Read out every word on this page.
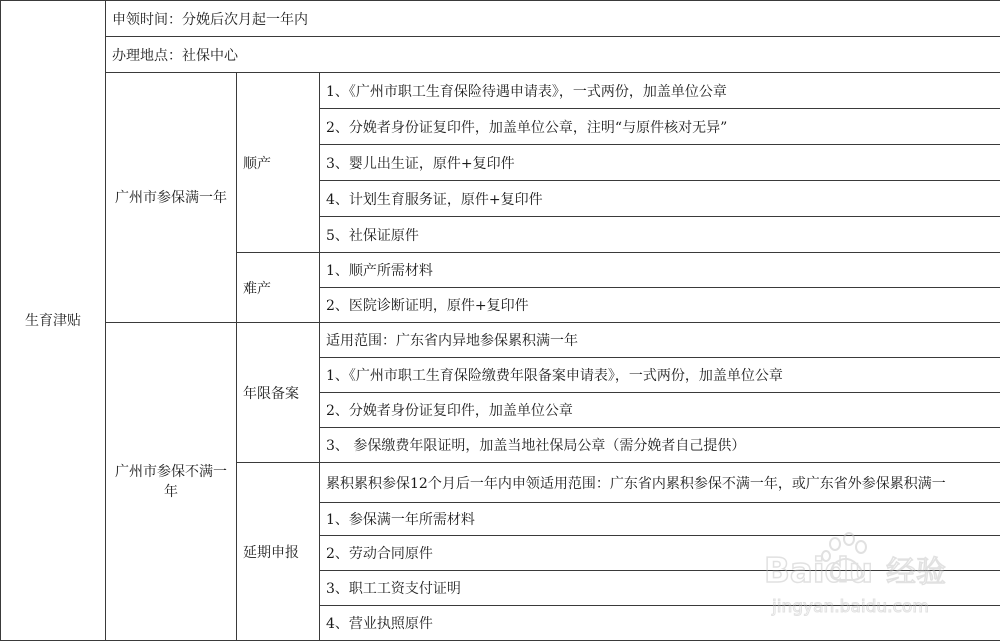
生育津贴	申领时间：分娩后次月起一年内		
	办理地点：社保中心		
	广州市参保满一年	顺产	1、《广州市职工生育保险待遇申请表》，一式两份，加盖单位公章
			2、分娩者身份证复印件，加盖单位公章，注明“与原件核对无异”
			3、婴儿出生证，原件+复印件
			4、计划生育服务证，原件+复印件
			5、社保证原件
		难产	1、顺产所需材料
			2、医院诊断证明，原件+复印件
	广州市参保不满一年	年限备案	适用范围：广东省内异地参保累积满一年
			1、《广州市职工生育保险缴费年限备案申请表》，一式两份，加盖单位公章
			2、分娩者身份证复印件，加盖单位公章
			3、 参保缴费年限证明，加盖当地社保局公章（需分娩者自己提供）
		延期申报	累积累积参保12个月后一年内申领适用范围：广东省内累积参保不满一年，或广东省外参保累积满一
			1、参保满一年所需材料
			2、劳动合同原件
			3、职工工资支付证明
			4、营业执照原件
Baidu 经验
jingyan.baidu.com
